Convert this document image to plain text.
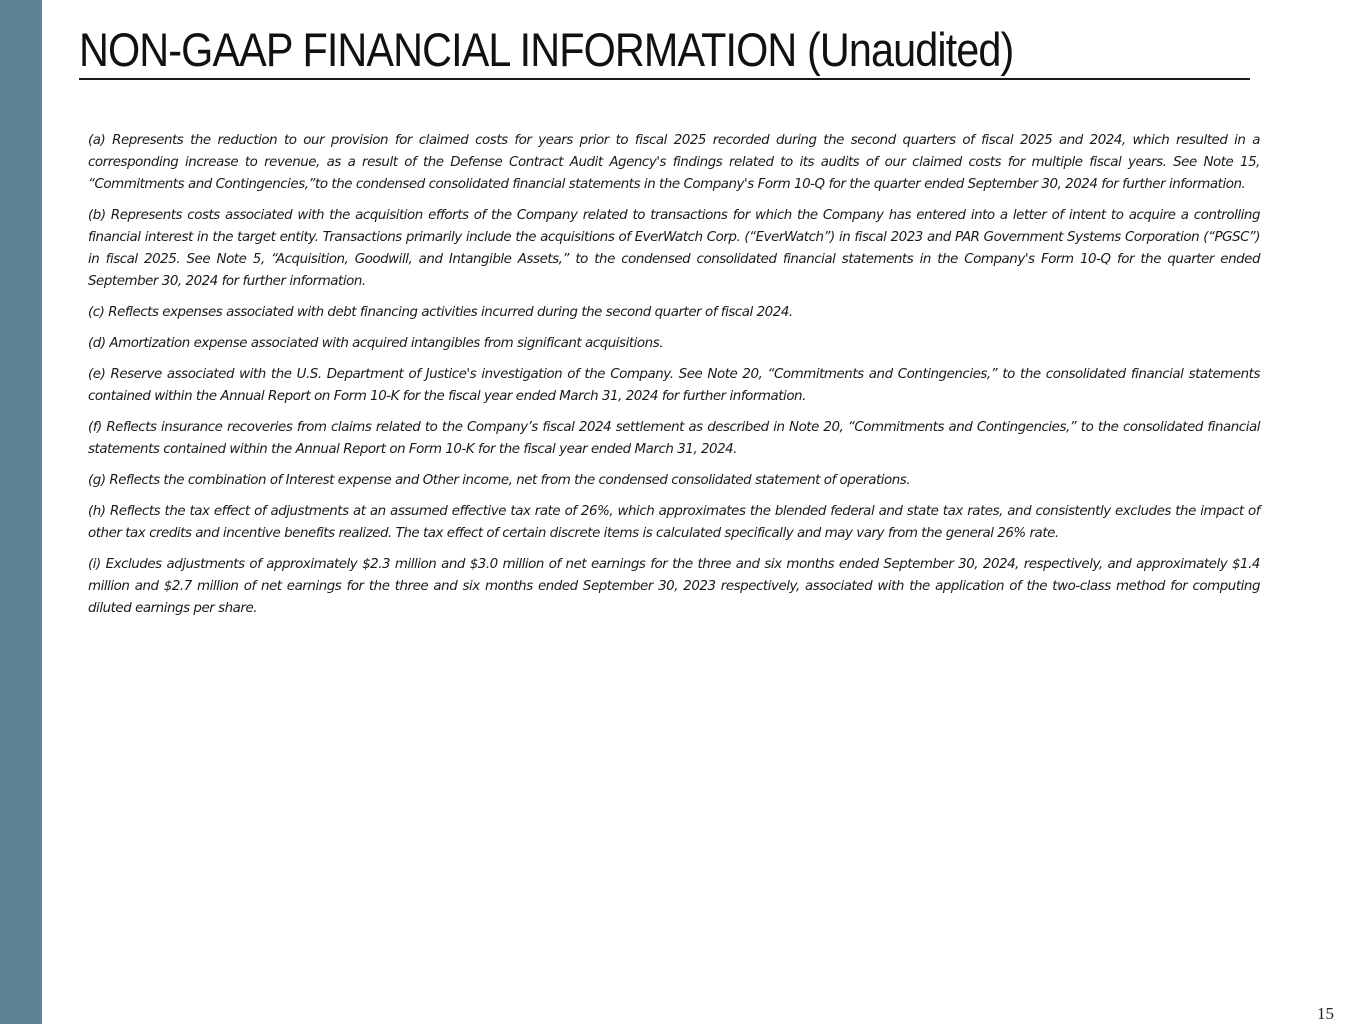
NON-GAAP FINANCIAL INFORMATION (Unaudited)

(a) Represents the reduction to our provision for claimed costs for years prior to fiscal 2025 recorded during the second quarters of fiscal 2025 and 2024, which resulted in a corresponding increase to revenue, as a result of the Defense Contract Audit Agency's findings related to its audits of our claimed costs for multiple fiscal years. See Note 15, “Commitments and Contingencies,”to the condensed consolidated financial statements in the Company's Form 10-Q for the quarter ended September 30, 2024 for further information.

(b) Represents costs associated with the acquisition efforts of the Company related to transactions for which the Company has entered into a letter of intent to acquire a controlling financial interest in the target entity. Transactions primarily include the acquisitions of EverWatch Corp. (“EverWatch”) in fiscal 2023 and PAR Government Systems Corporation (“PGSC”) in fiscal 2025. See Note 5, “Acquisition, Goodwill, and Intangible Assets,” to the condensed consolidated financial statements in the Company's Form 10-Q for the quarter ended September 30, 2024 for further information.

(c) Reflects expenses associated with debt financing activities incurred during the second quarter of fiscal 2024.

(d) Amortization expense associated with acquired intangibles from significant acquisitions.

(e) Reserve associated with the U.S. Department of Justice's investigation of the Company. See Note 20, “Commitments and Contingencies,” to the consolidated financial statements contained within the Annual Report on Form 10-K for the fiscal year ended March 31, 2024 for further information.

(f) Reflects insurance recoveries from claims related to the Company’s fiscal 2024 settlement as described in Note 20, “Commitments and Contingencies,” to the consolidated financial statements contained within the Annual Report on Form 10-K for the fiscal year ended March 31, 2024.

(g) Reflects the combination of Interest expense and Other income, net from the condensed consolidated statement of operations.

(h) Reflects the tax effect of adjustments at an assumed effective tax rate of 26%, which approximates the blended federal and state tax rates, and consistently excludes the impact of other tax credits and incentive benefits realized. The tax effect of certain discrete items is calculated specifically and may vary from the general 26% rate.

(i) Excludes adjustments of approximately $2.3 million and $3.0 million of net earnings for the three and six months ended September 30, 2024, respectively, and approximately $1.4 million and $2.7 million of net earnings for the three and six months ended September 30, 2023 respectively, associated with the application of the two-class method for computing diluted earnings per share.

15
